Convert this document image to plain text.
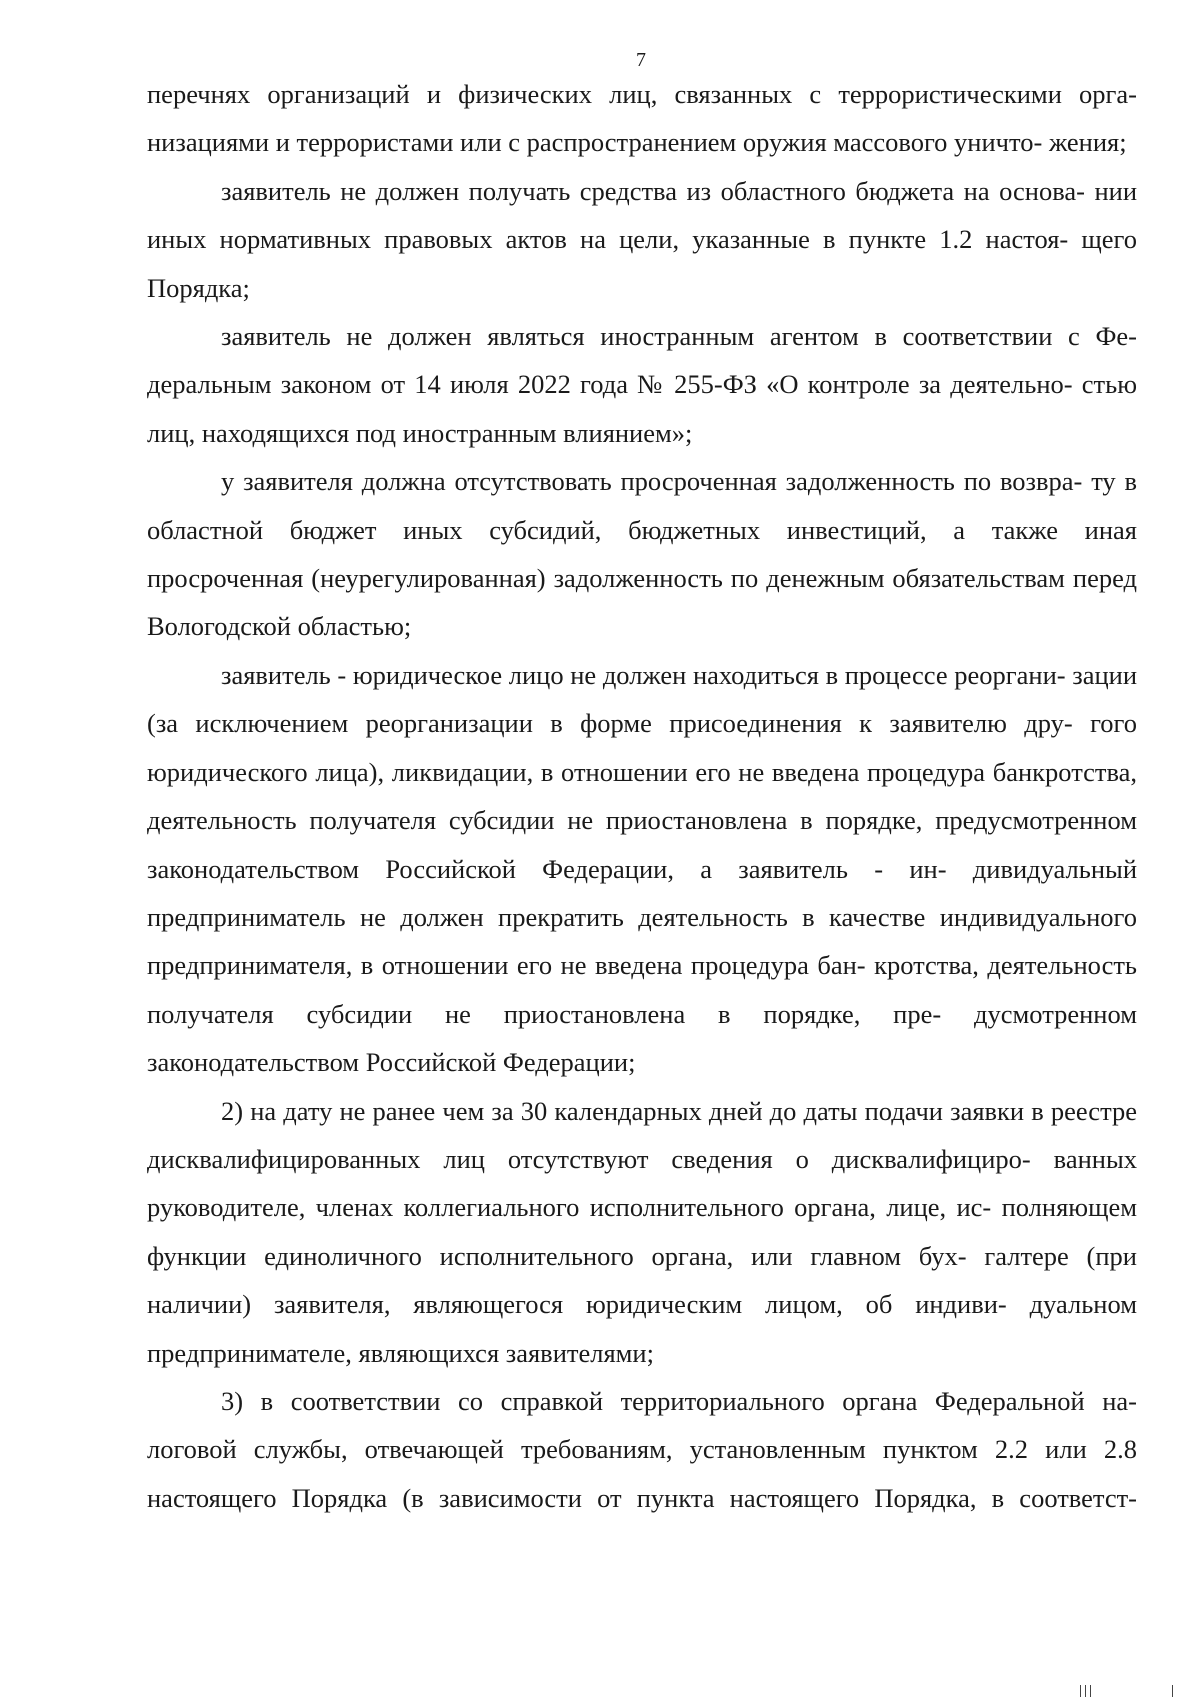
7

перечнях организаций и физических лиц, связанных с террористическими орга- низациями и террористами или с распространением оружия массового уничто- жения;

заявитель не должен получать средства из областного бюджета на основа- нии иных нормативных правовых актов на цели, указанные в пункте 1.2 настоя- щего Порядка;

заявитель не должен являться иностранным агентом в соответствии с Фе- деральным законом от 14 июля 2022 года № 255-ФЗ «О контроле за деятельно- стью лиц, находящихся под иностранным влиянием»;

у заявителя должна отсутствовать просроченная задолженность по возвра- ту в областной бюджет иных субсидий, бюджетных инвестиций, а также иная просроченная (неурегулированная) задолженность по денежным обязательствам перед Вологодской областью;

заявитель - юридическое лицо не должен находиться в процессе реоргани- зации (за исключением реорганизации в форме присоединения к заявителю дру- гого юридического лица), ликвидации, в отношении его не введена процедура банкротства, деятельность получателя субсидии не приостановлена в порядке, предусмотренном законодательством Российской Федерации, а заявитель - ин- дивидуальный предприниматель не должен прекратить деятельность в качестве индивидуального предпринимателя, в отношении его не введена процедура бан- кротства, деятельность получателя субсидии не приостановлена в порядке, пре- дусмотренном законодательством Российской Федерации;

2) на дату не ранее чем за 30 календарных дней до даты подачи заявки в реестре дисквалифицированных лиц отсутствуют сведения о дисквалифициро- ванных руководителе, членах коллегиального исполнительного органа, лице, ис- полняющем функции единоличного исполнительного органа, или главном бух- галтере (при наличии) заявителя, являющегося юридическим лицом, об индиви- дуальном предпринимателе, являющихся заявителями;

3) в соответствии со справкой территориального органа Федеральной на- логовой службы, отвечающей требованиям, установленным пунктом 2.2 или 2.8 настоящего Порядка (в зависимости от пункта настоящего Порядка, в соответст-
